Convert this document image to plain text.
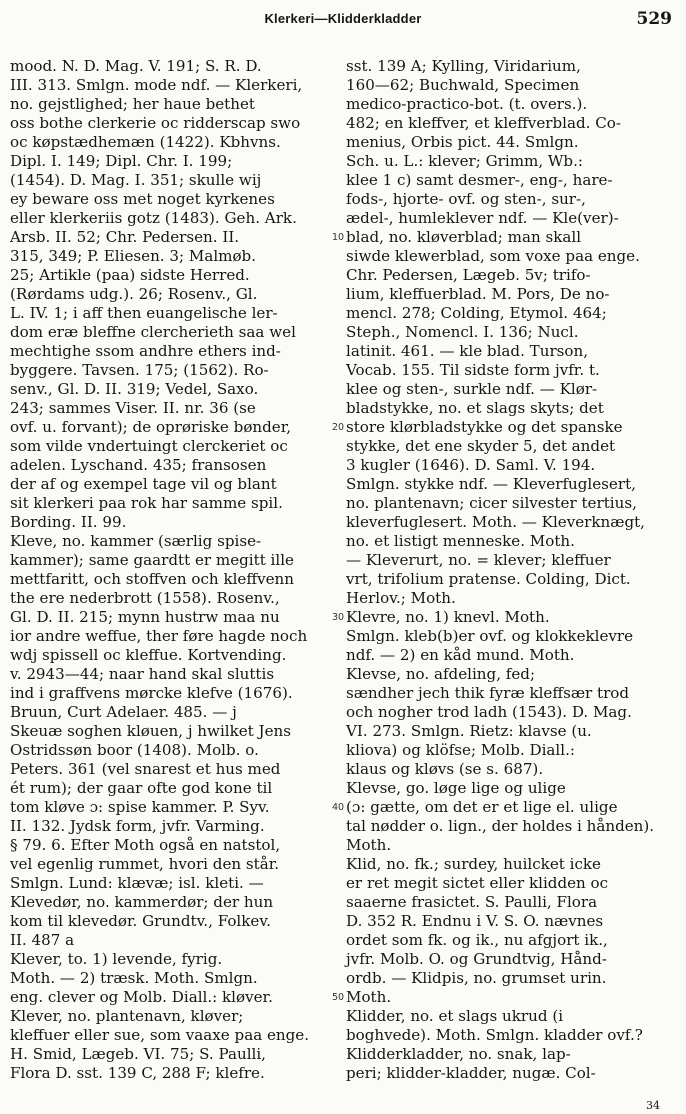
Klerkeri—Klidderkladder	529
mood. N. D. Mag. V. 191; S. R. D.
III. 313. Smlgn. mode ndf. — Klerkeri,
no. gejstlighed; her haue bethet
oss bothe clerkerie oc ridderscap swo
oc køpstædhemæn (1422). Kbhvns.
Dipl. I. 149; Dipl. Chr. I. 199;
(1454). D. Mag. I. 351; skulle wij
ey beware oss met noget kyrkenes
eller klerkeriis gotz (1483). Geh. Ark.
Arsb. II. 52; Chr. Pedersen. II.
315, 349; P. Eliesen. 3; Malmøb.
25; Artikle (paa) sidste Herred.
(Rørdams udg.). 26; Rosenv., Gl.
L. IV. 1; i aff then euangelische ler-
dom eræ bleffne clercherieth saa wel
mechtighe ssom andhre ethers ind-
byggere. Tavsen. 175; (1562). Ro-
senv., Gl. D. II. 319; Vedel, Saxo.
243; sammes Viser. II. nr. 36 (se
ovf. u. forvant); de oprøriske bønder,
som vilde vndertuingt clerckeriet oc
adelen. Lyschand. 435; fransosen
der af og exempel tage vil og blant
sit klerkeri paa rok har samme spil.
Bording. II. 99.
Kleve, no. kammer (særlig spise-
kammer); same gaardtt er megitt ille
mettfaritt, och stoffven och kleffvenn
the ere nederbrott (1558). Rosenv.,
Gl. D. II. 215; mynn hustrw maa nu
ior andre weffue, ther føre hagde noch
wdj spissell oc kleffue. Kortvending.
v. 2943—44; naar hand skal sluttis
ind i graffvens mørcke klefve (1676).
Bruun, Curt Adelaer. 485. — j
Skeuæ soghen kløuen, j hwilket Jens
Ostridssøn boor (1408). Molb. o.
Peters. 361 (vel snarest et hus med
ét rum); der gaar ofte god kone til
tom kløve ɔ: spise kammer. P. Syv.
II. 132. Jydsk form, jvfr. Varming.
§ 79. 6. Efter Moth også en natstol,
vel egenlig rummet, hvori den står.
Smlgn. Lund: klævæ; isl. kleti. —
Klevedør, no. kammerdør; der hun
kom til klevedør. Grundtv., Folkev.
II. 487 a
Klever, to. 1) levende, fyrig.
Moth. — 2) træsk. Moth. Smlgn.
eng. clever og Molb. Diall.: kløver.
Klever, no. plantenavn, kløver;
kleffuer eller sue, som vaaxe paa enge.
H. Smid, Lægeb. VI. 75; S. Paulli,
Flora D. sst. 139 C, 288 F; klefre.
10
20
30
40
50
sst. 139 A; Kylling, Viridarium,
160—62; Buchwald, Specimen
medico-practico-bot. (t. overs.).
482; en kleffver, et kleffverblad. Co-
menius, Orbis pict. 44. Smlgn.
Sch. u. L.: klever; Grimm, Wb.:
klee 1 c) samt desmer-, eng-, hare-
fods-, hjorte- ovf. og sten-, sur-,
ædel-, humleklever ndf. — Kle(ver)-
blad, no. kløverblad; man skall
siwde klewerblad, som voxe paa enge.
Chr. Pedersen, Lægeb. 5v; trifo-
lium, kleffuerblad. M. Pors, De no-
mencl. 278; Colding, Etymol. 464;
Steph., Nomencl. I. 136; Nucl.
latinit. 461. — kle blad. Turson,
Vocab. 155. Til sidste form jvfr. t.
klee og sten-, surkle ndf. — Klør-
bladstykke, no. et slags skyts; det
store klørbladstykke og det spanske
stykke, det ene skyder 5, det andet
3 kugler (1646). D. Saml. V. 194.
Smlgn. stykke ndf. — Kleverfuglesert,
no. plantenavn; cicer silvester tertius,
kleverfuglesert. Moth. — Kleverknægt,
no. et listigt menneske. Moth.
— Kleverurt, no. = klever; kleffuer
vrt, trifolium pratense. Colding, Dict.
Herlov.; Moth.
Klevre, no. 1) knevl. Moth.
Smlgn. kleb(b)er ovf. og klokkeklevre
ndf. — 2) en kåd mund. Moth.
Klevse, no. afdeling, fed;
sændher jech thik fyræ kleffsær trod
och nogher trod ladh (1543). D. Mag.
VI. 273. Smlgn. Rietz: klavse (u.
kliova) og klöfse; Molb. Diall.:
klaus og kløvs (se s. 687).
Klevse, go. løge lige og ulige
(ɔ: gætte, om det er et lige el. ulige
tal nødder o. lign., der holdes i hånden).
Moth.
Klid, no. fk.; surdey, huilcket icke
er ret megit sictet eller klidden oc
saaerne frasictet. S. Paulli, Flora
D. 352 R. Endnu i V. S. O. nævnes
ordet som fk. og ik., nu afgjort ik.,
jvfr. Molb. O. og Grundtvig, Hånd-
ordb. — Klidpis, no. grumset urin.
Moth.
Klidder, no. et slags ukrud (i
boghvede). Moth. Smlgn. kladder ovf.?
Klidderkladder, no. snak, lap-
peri; klidder-kladder, nugæ. Col-
34
